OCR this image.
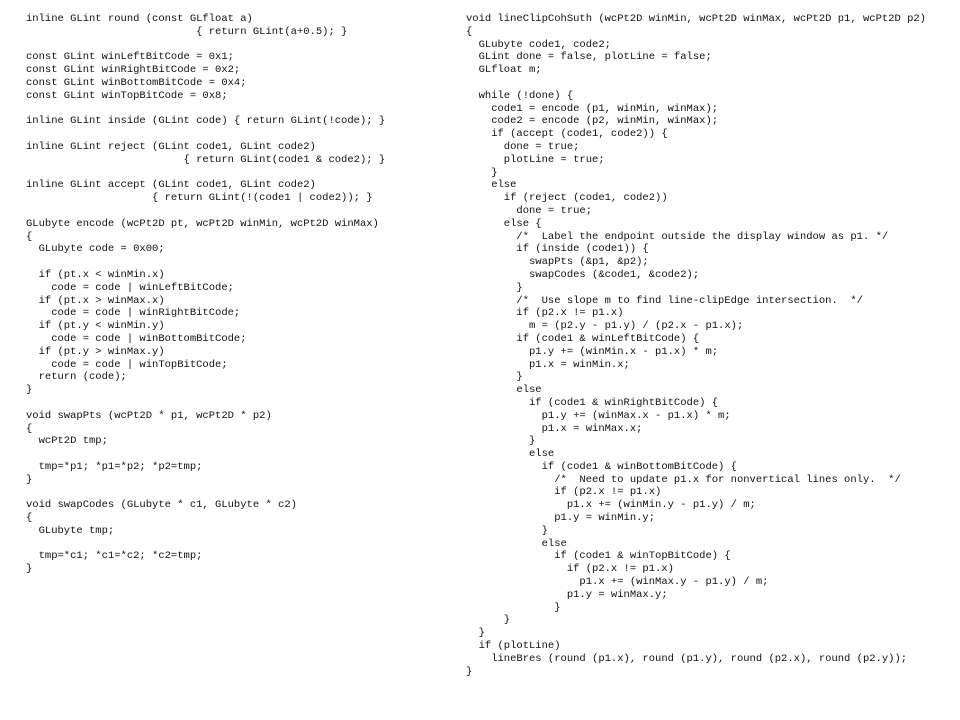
inline GLint round (const GLfloat a)
{ return GLint(a+0.5); }
const GLint winLeftBitCode = 0x1;
const GLint winRightBitCode = 0x2;
const GLint winBottomBitCode = 0x4;
const GLint winTopBitCode = 0x8;
inline GLint inside (GLint code) { return GLint(!code); }
inline GLint reject (GLint code1, GLint code2)
{ return GLint(code1 & code2); }
inline GLint accept (GLint code1, GLint code2)
{ return GLint(!(code1 | code2)); }
GLubyte encode (wcPt2D pt, wcPt2D winMin, wcPt2D winMax)
{
GLubyte code = 0x00;
if (pt.x < winMin.x)
code = code | winLeftBitCode;
if (pt.x > winMax.x)
code = code | winRightBitCode;
if (pt.y < winMin.y)
code = code | winBottomBitCode;
if (pt.y > winMax.y)
code = code | winTopBitCode;
return (code);
}
void swapPts (wcPt2D * p1, wcPt2D * p2)
{
wcPt2D tmp;
tmp=*p1; *p1=*p2; *p2=tmp;
}
void swapCodes (GLubyte * c1, GLubyte * c2)
{
GLubyte tmp;
tmp=*c1; *c1=*c2; *c2=tmp;
}
void lineClipCohSuth (wcPt2D winMin, wcPt2D winMax, wcPt2D p1, wcPt2D p2)
{
GLubyte code1, code2;
GLint done = false, plotLine = false;
GLfloat m;
while (!done) {
code1 = encode (p1, winMin, winMax);
code2 = encode (p2, winMin, winMax);
if (accept (code1, code2)) {
done = true;
plotLine = true;
}
else
if (reject (code1, code2))
done = true;
else {
/*  Label the endpoint outside the display window as p1. */
if (inside (code1)) {
swapPts (&p1, &p2);
swapCodes (&code1, &code2);
}
/*  Use slope m to find line-clipEdge intersection.  */
if (p2.x != p1.x)
m = (p2.y - p1.y) / (p2.x - p1.x);
if (code1 & winLeftBitCode) {
p1.y += (winMin.x - p1.x) * m;
p1.x = winMin.x;
}
else
if (code1 & winRightBitCode) {
p1.y += (winMax.x - p1.x) * m;
p1.x = winMax.x;
}
else
if (code1 & winBottomBitCode) {
/*  Need to update p1.x for nonvertical lines only.  */
if (p2.x != p1.x)
p1.x += (winMin.y - p1.y) / m;
p1.y = winMin.y;
}
else
if (code1 & winTopBitCode) {
if (p2.x != p1.x)
p1.x += (winMax.y - p1.y) / m;
p1.y = winMax.y;
}
}
}
if (plotLine)
lineBres (round (p1.x), round (p1.y), round (p2.x), round (p2.y));
}
